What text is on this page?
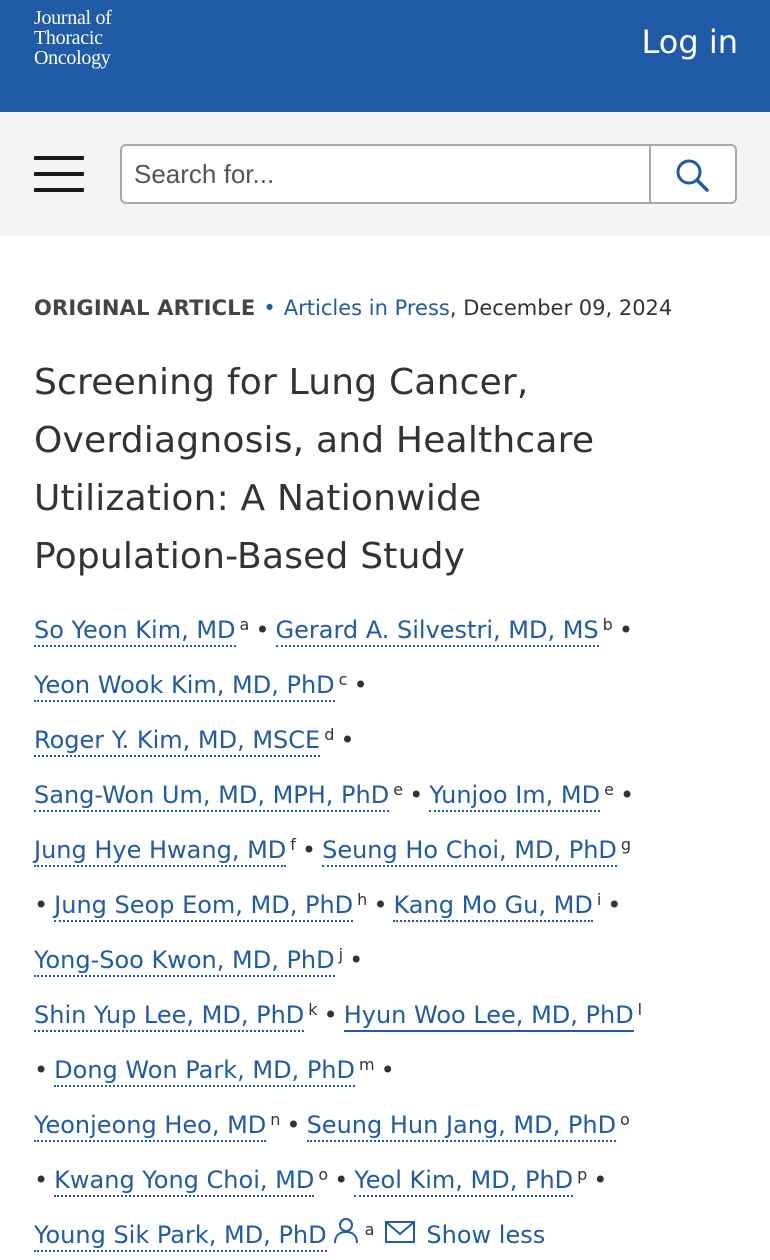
Journal of
Thoracic
Oncology	Log in
Search for...
ORIGINAL ARTICLE • Articles in Press, December 09, 2024
Screening for Lung Cancer,
Overdiagnosis, and Healthcare
Utilization: A Nationwide
Population-Based Study
So Yeon Kim, MD $^a$ • Gerard A. Silvestri, MD, MS $^b$ •
Yeon Wook Kim, MD, PhD $^c$ •
Roger Y. Kim, MD, MSCE $^d$ •
Sang-Won Um, MD, MPH, PhD $^e$ • Yunjoo Im, MD $^e$ •
Jung Hye Hwang, MD $^f$ • Seung Ho Choi, MD, PhD $^g$
• Jung Seop Eom, MD, PhD $^h$ • Kang Mo Gu, MD $^i$ •
Yong-Soo Kwon, MD, PhD $^j$ •
Shin Yup Lee, MD, PhD $^k$ • Hyun Woo Lee, MD, PhD $^l$
• Dong Won Park, MD, PhD $^m$ •
Yeonjeong Heo, MD $^n$ • Seung Hun Jang, MD, PhD $^o$
• Kwang Yong Choi, MD $^o$ • Yeol Kim, MD, PhD $^p$ •
Young Sik Park, MD, PhD $^a$ Show less
